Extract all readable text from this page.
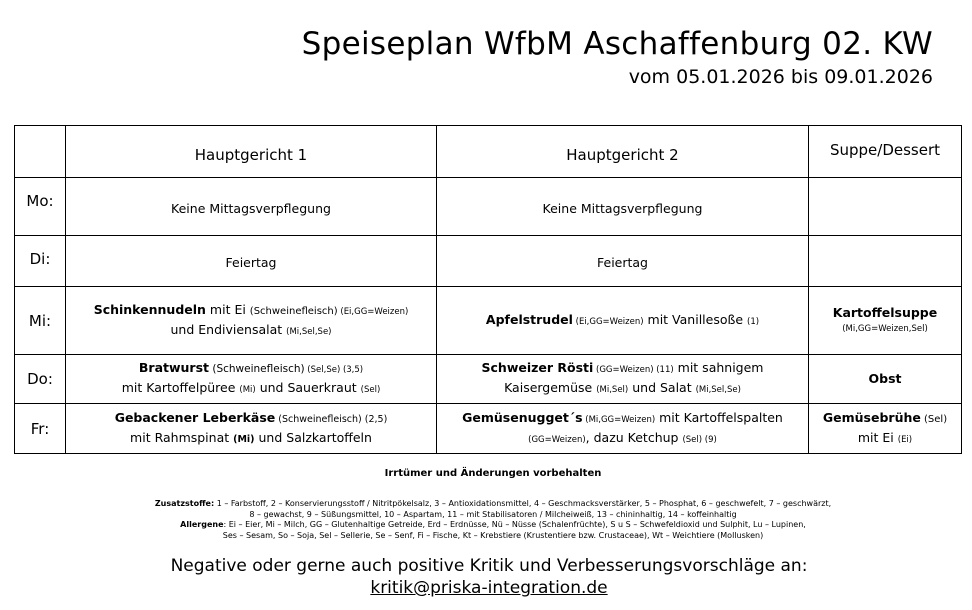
Speiseplan WfbM Aschaffenburg 02. KW
vom 05.01.2026 bis 09.01.2026
	Hauptgericht 1	Hauptgericht 2	Suppe/Dessert
Mo:	Keine Mittagsverpflegung	Keine Mittagsverpflegung	
Di:	Feiertag	Feiertag	
Mi:	Schinkennudeln mit Ei (Schweinefleisch) (Ei,GG=Weizen)
und Endiviensalat (Mi,Sel,Se)	Apfelstrudel (Ei,GG=Weizen) mit Vanillesoße (1)	Kartoffelsuppe
(Mi,GG=Weizen,Sel)
Do:	Bratwurst (Schweinefleisch) (Sel,Se) (3,5)
mit Kartoffelpüree (Mi) und Sauerkraut (Sel)	Schweizer Rösti (GG=Weizen) (11) mit sahnigem
Kaisergemüse (Mi,Sel) und Salat (Mi,Sel,Se)	Obst
Fr:	Gebackener Leberkäse (Schweinefleisch) (2,5)
mit Rahmspinat (Mi) und Salzkartoffeln	Gemüsenugget´s (Mi,GG=Weizen) mit Kartoffelspalten
(GG=Weizen), dazu Ketchup (Sel) (9)	Gemüsebrühe (Sel)
mit Ei (Ei)
Irrtümer und Änderungen vorbehalten

Zusatzstoffe: 1 – Farbstoff, 2 – Konservierungsstoff / Nitritpökelsalz, 3 – Antioxidationsmittel, 4 – Geschmacksverstärker, 5 – Phosphat, 6 – geschwefelt, 7 – geschwärzt,

8 – gewachst, 9 – Süßungsmittel, 10 – Aspartam, 11 – mit Stabilisatoren / Milcheiweiß, 13 – chininhaltig, 14 – koffeinhaltig

Allergene: Ei – Eier, Mi – Milch, GG – Glutenhaltige Getreide, Erd – Erdnüsse, Nü – Nüsse (Schalenfrüchte), S u S – Schwefeldioxid und Sulphit, Lu – Lupinen,

Ses – Sesam, So – Soja, Sel – Sellerie, Se – Senf, Fi – Fische, Kt – Krebstiere (Krustentiere bzw. Crustaceae), Wt – Weichtiere (Mollusken)

Negative oder gerne auch positive Kritik und Verbesserungsvorschläge an:
kritik@priska-integration.de
